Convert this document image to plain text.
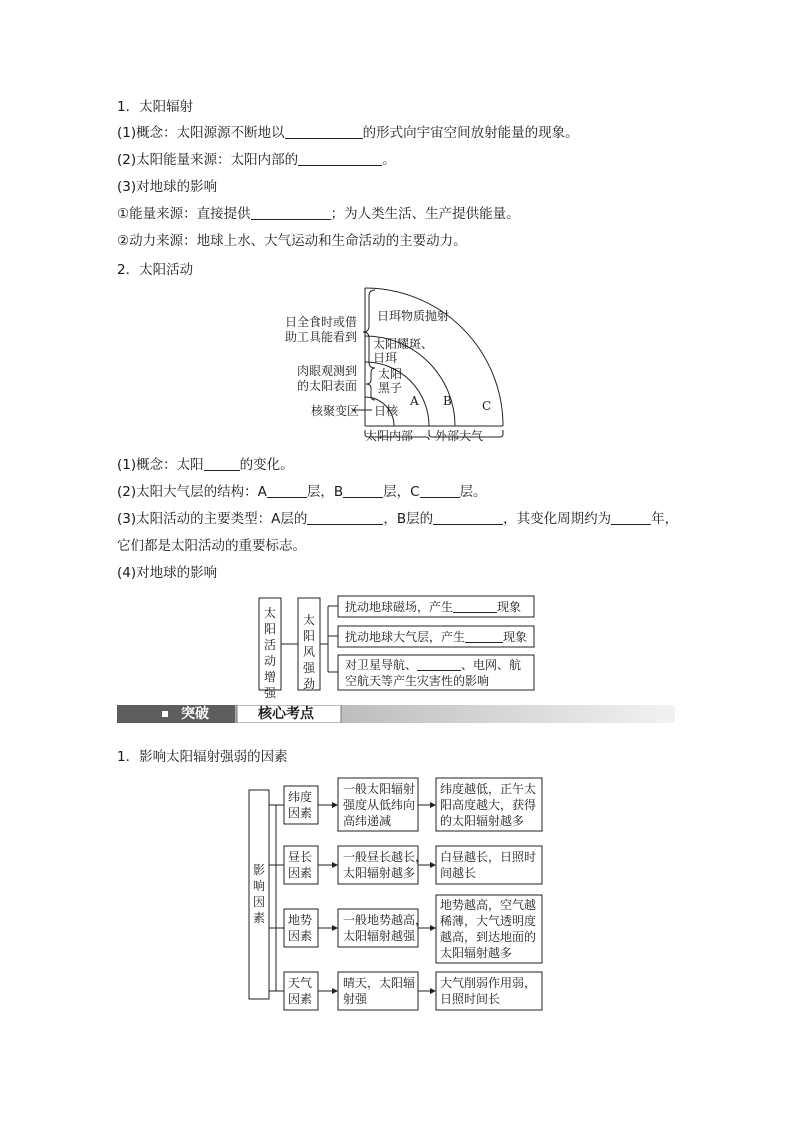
1．太阳辐射
(1)概念：太阳源源不断地以	的形式向宇宙空间放射能量的现象。
(2)太阳能量来源：太阳内部的	。
(3)对地球的影响
①能量来源：直接提供	；为人类生活、生产提供能量。
②动力来源：地球上水、大气运动和生命活动的主要动力。
2．太阳活动
日全食时或借
助工具能看到
肉眼观测到
的太阳表面
核聚变区
日珥物质抛射
太阳耀斑、
日珥
太阳
黑子
日核
A B	C
太阳内部 外部大气
(1)概念：太阳	的变化。
(2)太阳大气层的结构：A	层，B	层，C	层。
(3)太阳活动的主要类型：A层的	，B层的	，其变化周期约为	年，
它们都是太阳活动的重要标志。
(4)对地球的影响
太阳活动增强
太阳风强劲
扰动地球磁场，产生	现象
扰动地球大气层，产生	现象
对卫星导航、	、电网、航
空航天等产生灾害性的影响
突破	核心考点
1．影响太阳辐射强弱的因素
影响因素
纬度
因素
昼长
因素
地势
因素
天气
因素
一般太阳辐射
强度从低纬向
高纬递减
一般昼长越长，
太阳辐射越多
一般地势越高，
太阳辐射越强
晴天，太阳辐
射强
纬度越低，正午太
阳高度越大，获得
的太阳辐射越多
白昼越长，日照时
间越长
地势越高，空气越
稀薄，大气透明度
越高，到达地面的
太阳辐射越多
大气削弱作用弱，
日照时间长
